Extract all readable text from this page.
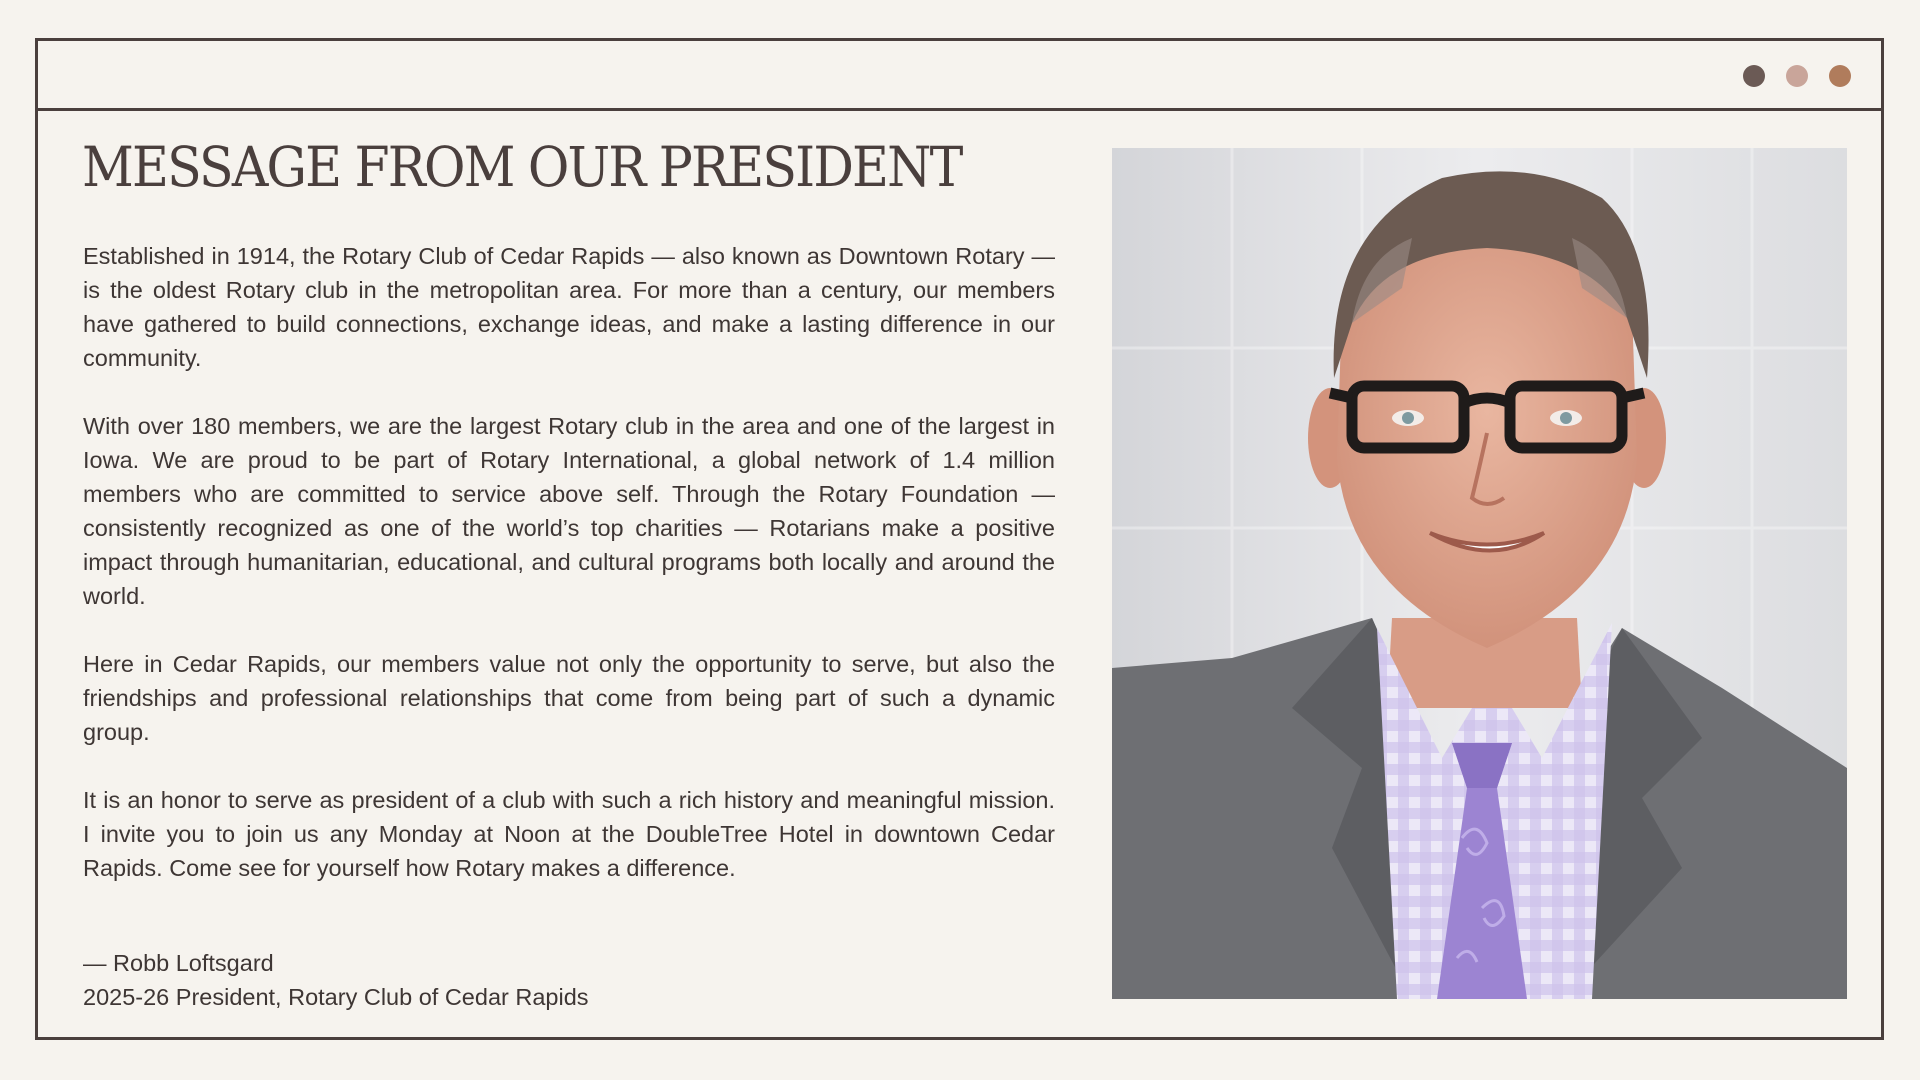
MESSAGE FROM OUR PRESIDENT

Established in 1914, the Rotary Club of Cedar Rapids — also known as Downtown Rotary — is the oldest Rotary club in the metropolitan area. For more than a century, our members have gathered to build connections, exchange ideas, and make a lasting difference in our community.

With over 180 members, we are the largest Rotary club in the area and one of the largest in Iowa. We are proud to be part of Rotary International, a global network of 1.4 million members who are committed to service above self. Through the Rotary Foundation — consistently recognized as one of the world’s top charities — Rotarians make a positive impact through humanitarian, educational, and cultural programs both locally and around the world.

Here in Cedar Rapids, our members value not only the opportunity to serve, but also the friendships and professional relationships that come from being part of such a dynamic group.

It is an honor to serve as president of a club with such a rich history and meaningful mission. I invite you to join us any Monday at Noon at the DoubleTree Hotel in downtown Cedar Rapids. Come see for yourself how Rotary makes a difference.

— Robb Loftsgard
2025-26 President, Rotary Club of Cedar Rapids
